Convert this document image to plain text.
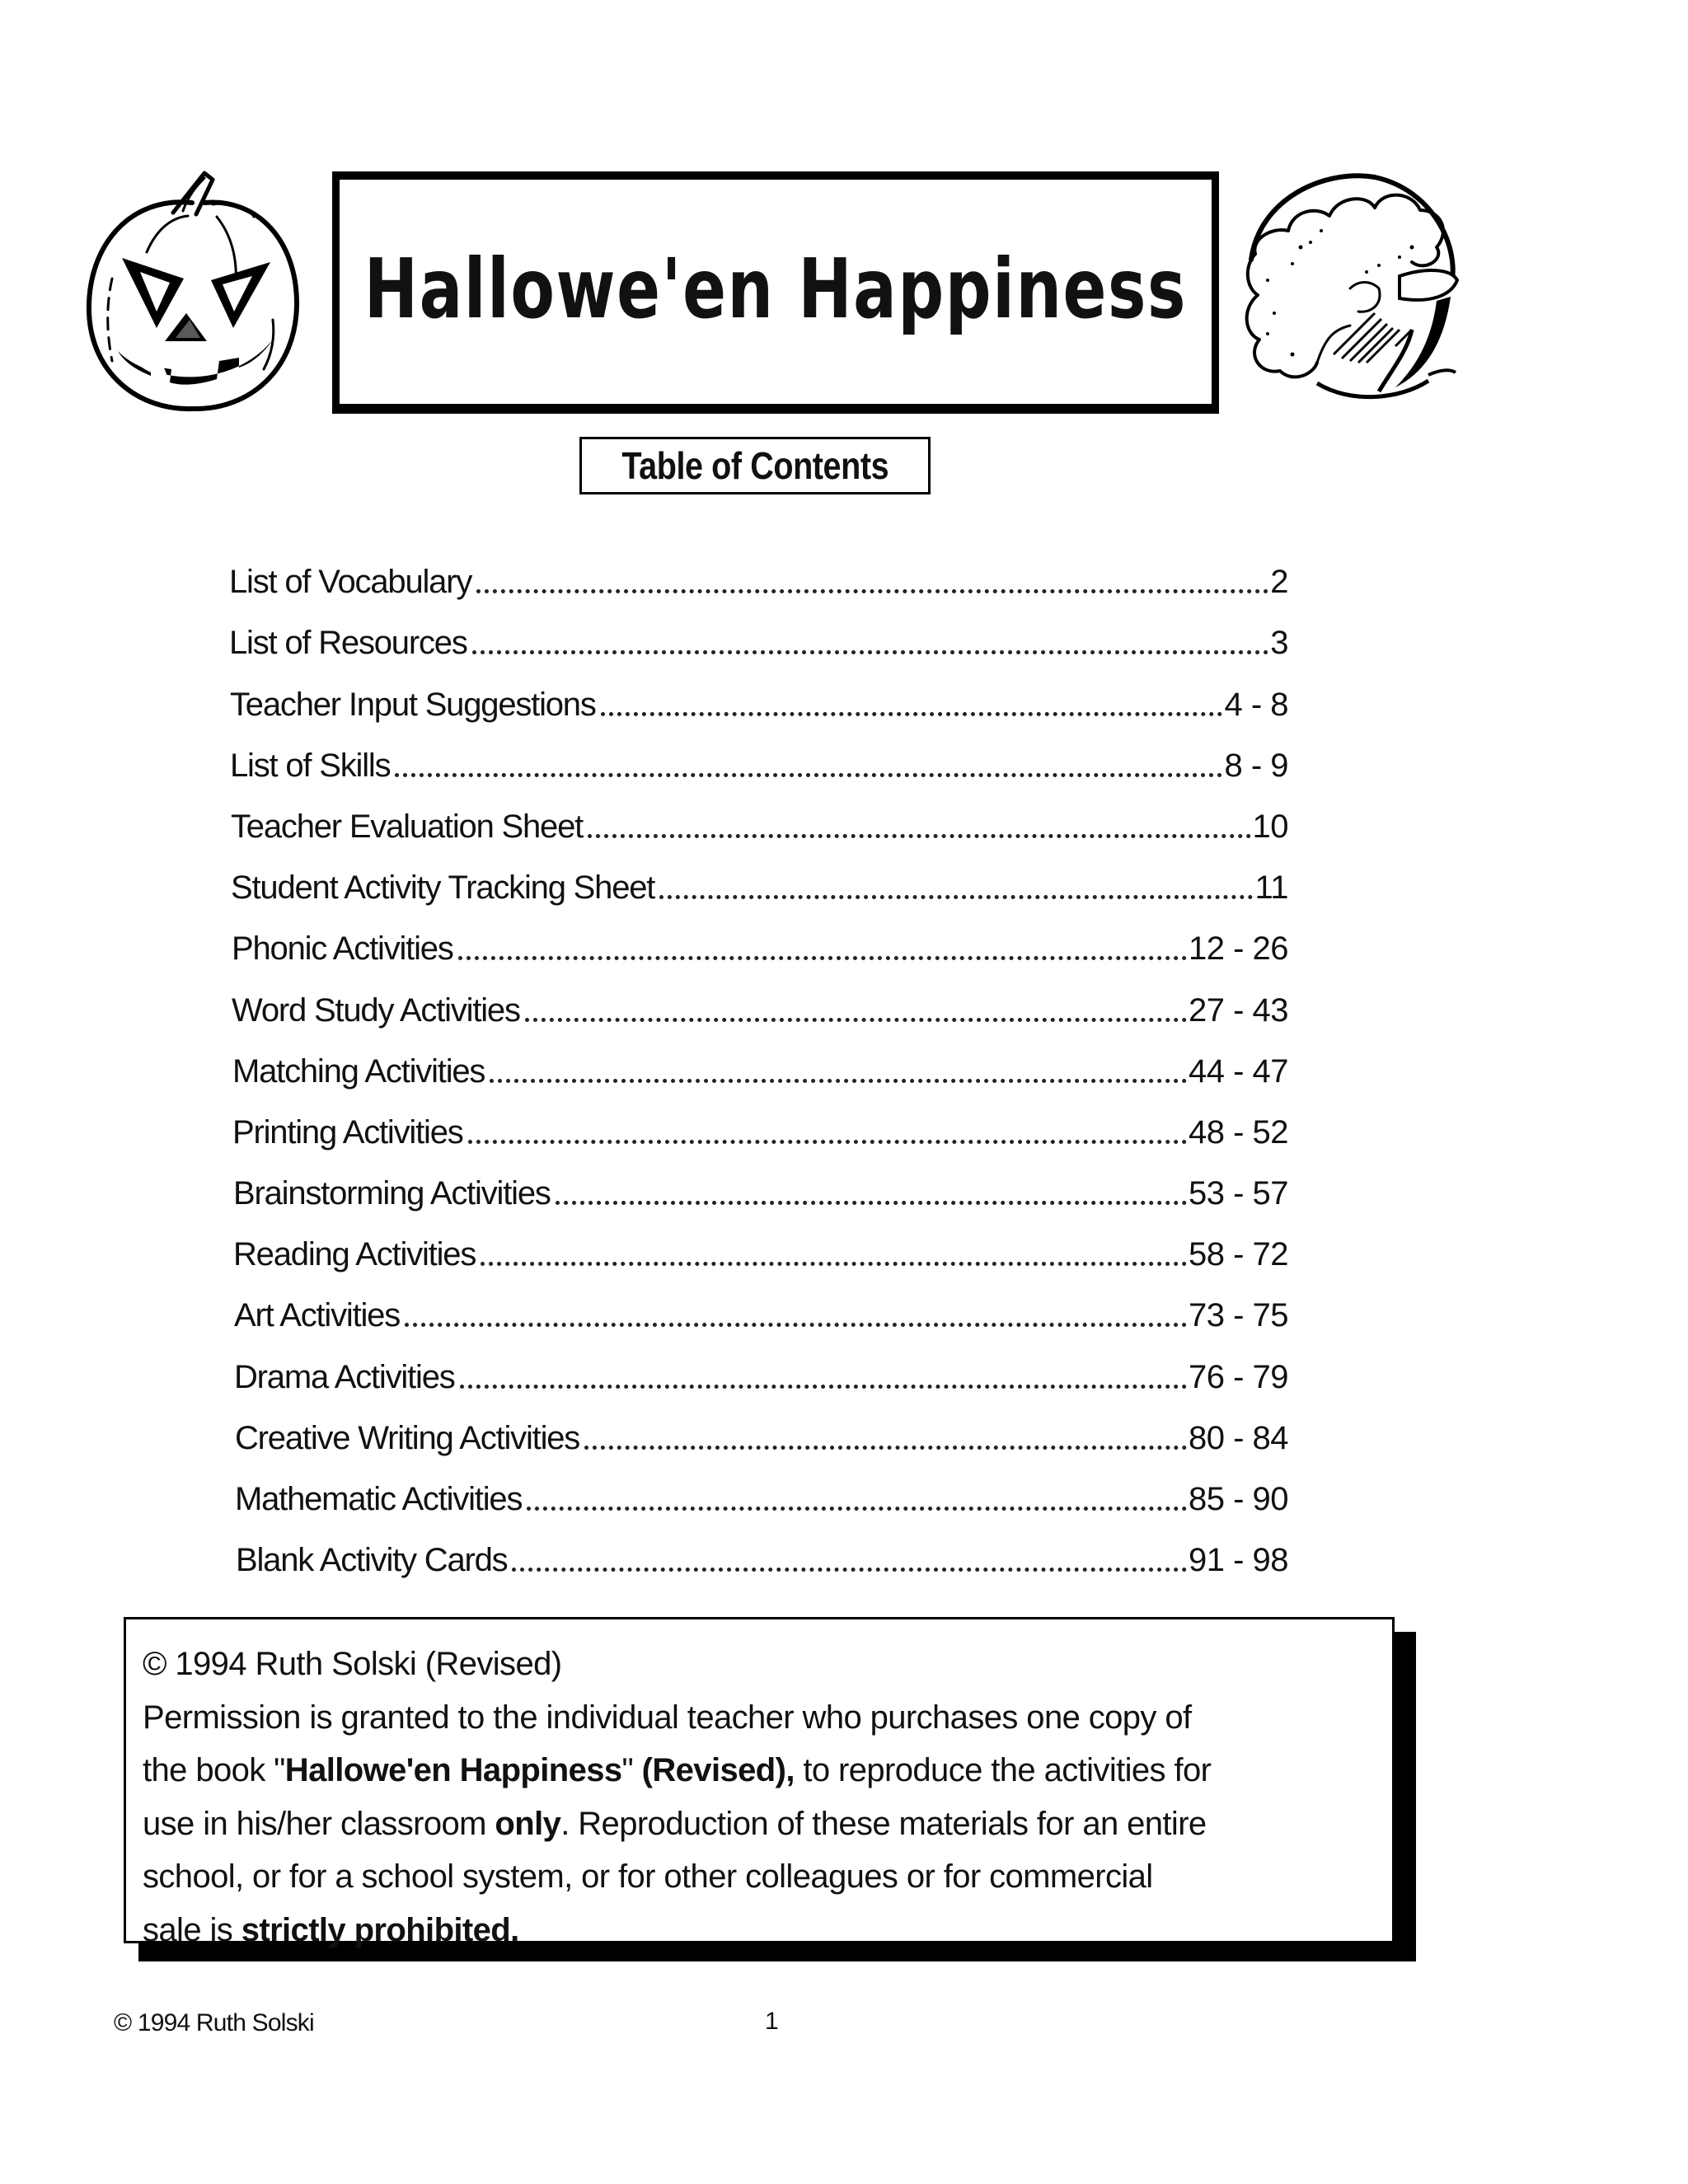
Hallowe'en Happiness
Table of Contents
List of Vocabulary	2
List of Resources	3
Teacher Input Suggestions	4 - 8
List of Skills	8 - 9
Teacher Evaluation Sheet	10
Student Activity Tracking Sheet	11
Phonic Activities	12 - 26
Word Study Activities	27 - 43
Matching Activities	44 - 47
Printing Activities	48 - 52
Brainstorming Activities	53 - 57
Reading Activities	58 - 72
Art Activities	73 - 75
Drama Activities	76 - 79
Creative Writing Activities	80 - 84
Mathematic Activities	85 - 90
Blank Activity Cards	91 - 98

© 1994 Ruth Solski (Revised)

Permission is granted to the individual teacher who purchases one copy of

the book "Hallowe'en Happiness" (Revised), to reproduce the activities for

use in his/her classroom only. Reproduction of these materials for an entire

school, or for a school system, or for other colleagues or for commercial

sale is strictly prohibited.

© 1994 Ruth Solski	1
